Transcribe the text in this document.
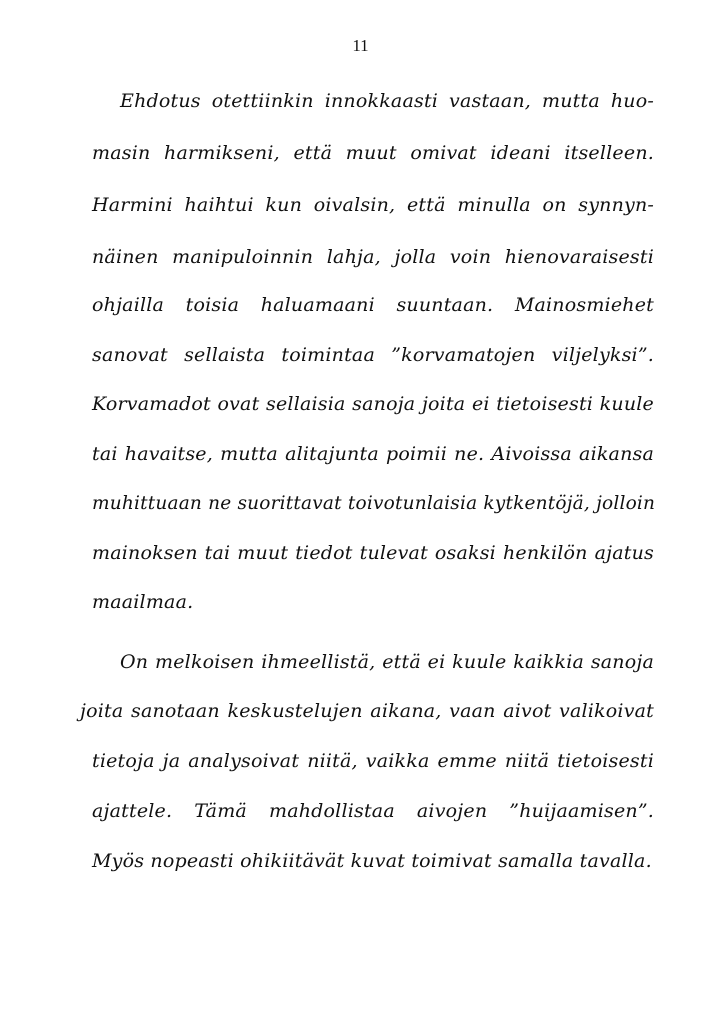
11
Ehdotus otettiinkin innokkaasti vastaan, mutta huo-
masin harmikseni, että muut omivat ideani itselleen.
Harmini haihtui kun oivalsin, että minulla on synnyn-
näinen manipuloinnin lahja, jolla voin hienovaraisesti
ohjailla toisia haluamaani suuntaan. Mainosmiehet
sanovat sellaista toimintaa ”korvamatojen viljelyksi”.
Korvamadot ovat sellaisia sanoja joita ei tietoisesti kuule
tai havaitse, mutta alitajunta poimii ne. Aivoissa aikansa
muhittuaan ne suorittavat toivotunlaisia kytkentöjä, jolloin
mainoksen tai muut tiedot tulevat osaksi henkilön ajatus
maailmaa.
On melkoisen ihmeellistä, että ei kuule kaikkia sanoja
joita sanotaan keskustelujen aikana, vaan aivot valikoivat
tietoja ja analysoivat niitä, vaikka emme niitä tietoisesti
ajattele. Tämä mahdollistaa aivojen ”huijaamisen”.
Myös nopeasti ohikiitävät kuvat toimivat samalla tavalla.
